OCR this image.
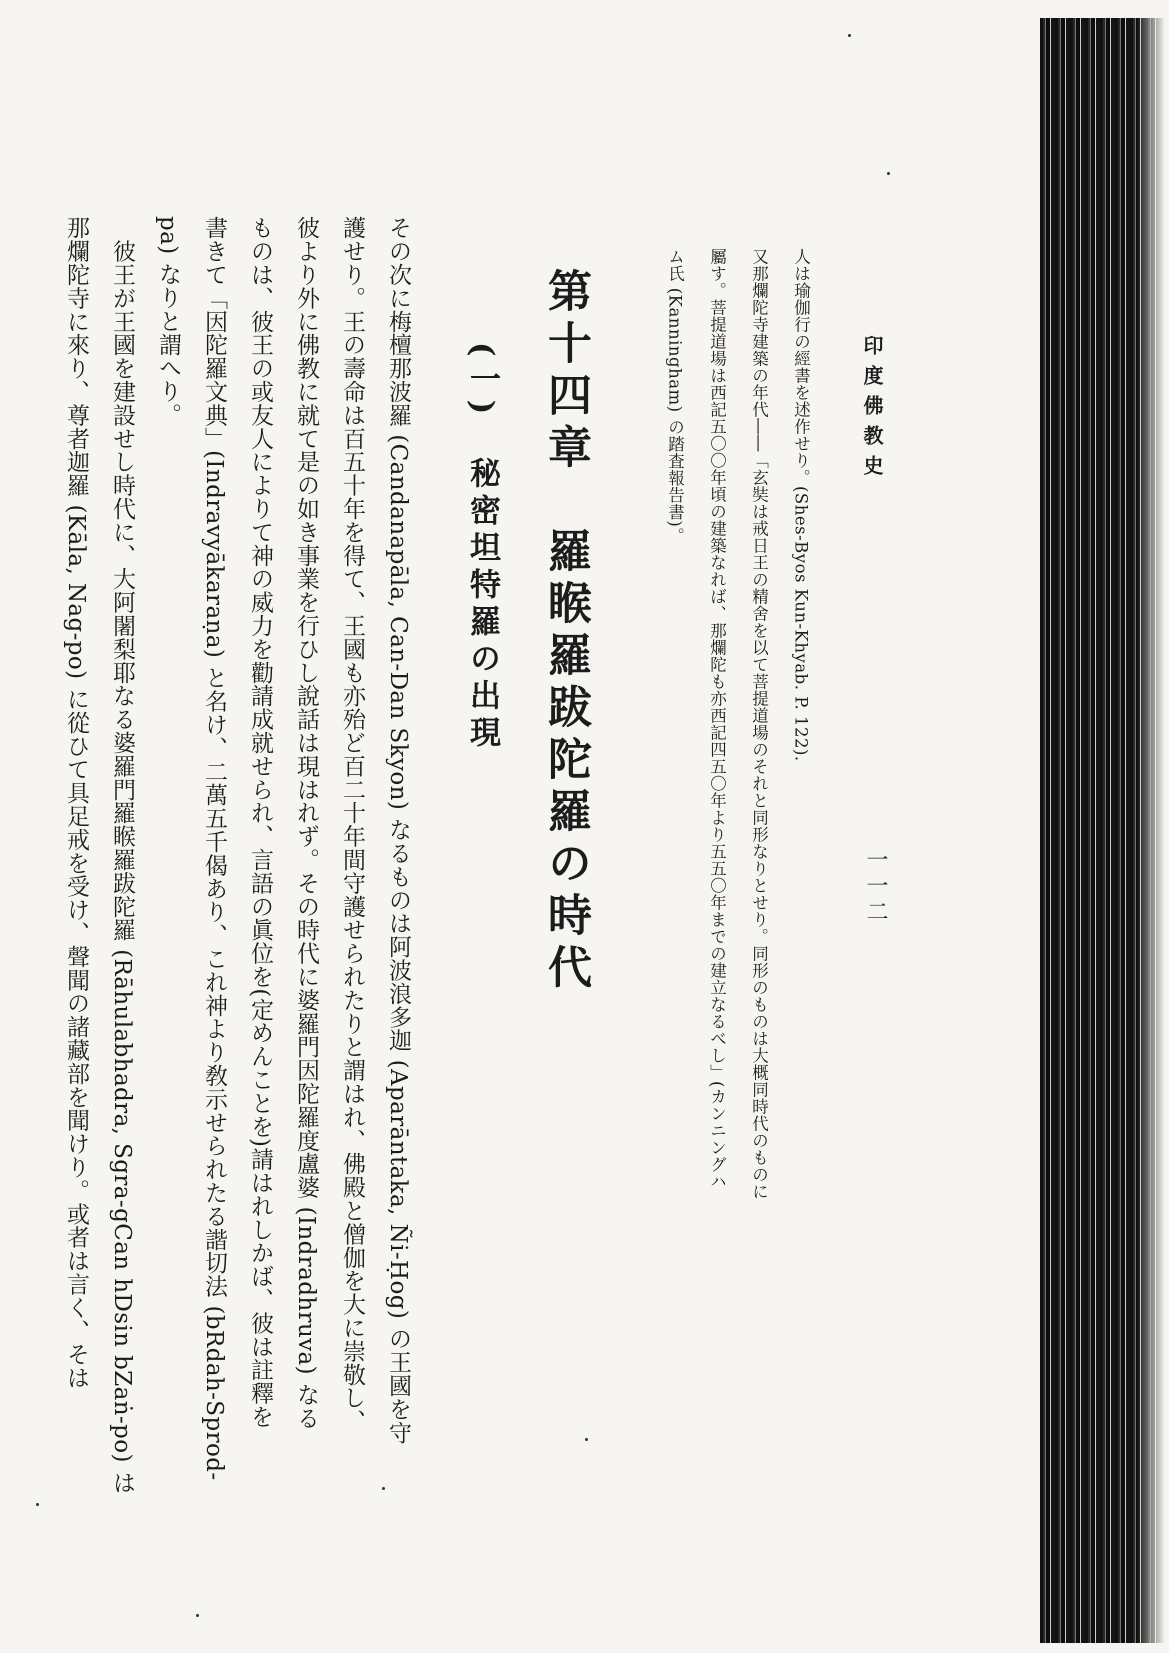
印度佛教史
一一二
人は瑜伽行の經書を述作せり。(Shes-Byos Kun-Khyab. P. 122).
又那爛陀寺建築の年代――「玄奘は戒日王の精舍を以て菩提道場のそれと同形なりとせり。同形のものは大概同時代のものに
屬す。菩提道場は西記五〇〇年頃の建築なれば、那爛陀も亦西記四五〇年より五五〇年までの建立なるべし」(カンニングハ
ム氏 (Kanningham) の踏査報告書)。
第十四章　羅睺羅跋陀羅の時代
(一)　秘密坦特羅の出現
その次に梅檀那波羅 (Candanapāla, Can-Dan Skyon) なるものは阿波浪多迦 (Aparāntaka, Ñi-Ḥog) の王國を守
護せり。王の壽命は百五十年を得て、王國も亦殆ど百二十年間守護せられたりと謂はれ、佛殿と僧伽を大に崇敬し、
彼より外に佛教に就て是の如き事業を行ひし說話は現はれず。その時代に婆羅門因陀羅度盧婆 (Indradhruva) なる
ものは、彼王の或友人によりて神の威力を勸請成就せられ、言語の眞位を(定めんことを)請はれしかば、彼は註釋を
書きて「因陀羅文典」(Indravyākaraṇa) と名け、二萬五千偈あり、これ神より敎示せられたる諧切法 (bRdah-Sprod-
pa) なりと謂へり。
　彼王が王國を建設せし時代に、大阿闍梨耶なる婆羅門羅睺羅跋陀羅 (Rāhulabhadra, Sgra-gCan hDsin bZaṅ-po) は
那爛陀寺に來り、尊者迦羅 (Kāla, Nag-po) に從ひて具足戒を受け、聲聞の諸藏部を聞けり。或者は言く、そは
